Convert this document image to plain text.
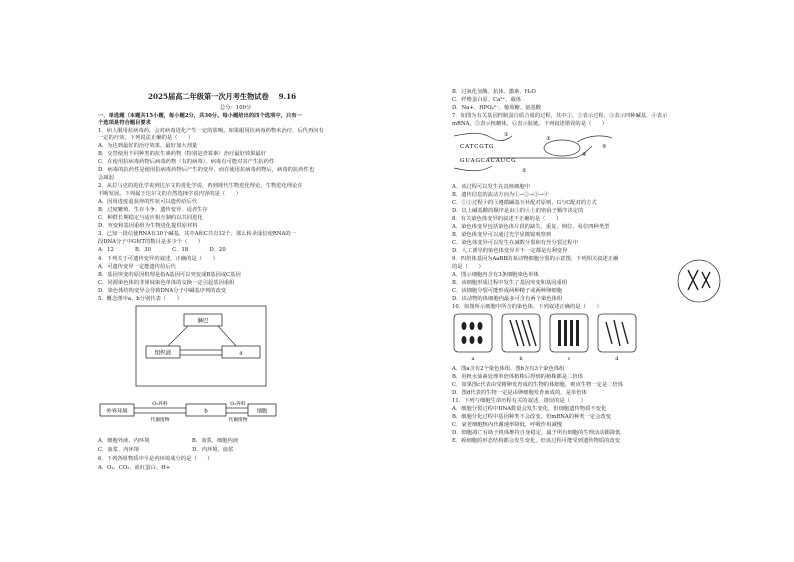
2025届高二年级第一次月考生物试卷 9.16
总分：100分
一、单选题（本题共15小题，每小题2分，共30分。每小题给出的四个选项中，只有一
个选项是符合题目要求
1．病人服用抗病毒药，会对病毒进化产生一定的影响。如果服用抗病毒药物未治疗，后代再向有
一定的疗效，下列说法正确的是（　　）
A．为达到最好的治疗效果，最好加大剂量
B．交替使用不同种类的抗生素药物（特别是青霉素）治疗最好效果最好
C．在使用抗病毒药物后病毒药物（有的病毒），病毒有可能对其产生抗药性
D．病毒的抗药性是使用抗病毒药物后产生的变异，而在使用抗病毒药物后，病毒的抗药性也
会减弱
2．从拉马克的进化学说到达尔文的进化学说，再到现代生物进化理论，生物进化理论在
不断发展。下列属于达尔文的自然选择学说内容的是（　　）
A．因用进废退获得的性状可以遗传给后代
B．过度繁殖、生存斗争、遗传变异、适者生存
C．种群长期稳定与适应相互制约以共同进化
D．突变和基因重组为生物进化提供原材料
3．已知一段信使RNA有30个碱基，其中A和C共有12个，那么转录成信使RNA的一
段DNA分子中G和T的数目是多少个（　　）
A．12　　　　B．30　　　　C．18　　　　D．20
4．下列关于可遗传变异的叙述，正确的是（　　）
A．可遗传变异一定能遗传给后代
B．基因突变的原因机理是指A基因可以突变成B基因或C基因
C．同源染色体的非姐妹染色单体的交换一定引起基因重组
D．染色体结构变异会导致DNA分子中碱基序列的改变
5．概念图中a、b分别代表（　　）
淋巴
组织液	a
b
外界环境	细胞
O₂养料
代谢废物
O₂养料
代谢废物
A．细胞外液、内环境　　　　　　　　B．血浆、细胞内液
C．血浆、内环境　　　　　　　　　　D．内环境、血浆
6．下列各组物质中全是内环境成分的是（　　）
A．O₂、CO₂、血红蛋白、H+
B．过氧化氢酶、抗体、激素、H₂O
C．纤维蛋白原、Ca²⁺、载体
D．Na+、HPO₄²⁻、葡萄糖、氨基酸
7．如图为有关基因控制蛋白质合成的过程，其中①、②表示过程，③表示四种碱基，④表示
mRNA，⑤表示核糖体，⑥表示肽链。下列叙述错误的是（　　）
CATCGTG
GUAGCACAUCG
①
②
③
④
⑤
A．该过程可以发生在真核细胞中
B．遗传信息的流动方向为①→②→③→④
C．①②过程④的③遵循碱基互补配对原则，G与C配对的方式
D．以上碱基酸的顺序是由①的④上的密码子顺序决定的
8．有关染色体变异的叙述不正确的是（　　）
A．染色体变异包括染色体片段的缺失、重复、倒位、易位四种类型
B．染色体变异可以通过光学显微镜观察到
C．染色体变异可以发生在减数分裂和有丝分裂过程中
D．人工诱导的染色体变异并不一定都是有利变异
9．四倍体基因为AaBB的某动物细胞分裂的示意图，下列相关叙述正确
的是（　　）
A．图示细胞内含有3条细胞染色单体
B．该细胞形成过程中发生了基因突变和基因重组
C．该细胞分裂可能形成两种精子或两种卵细胞
D．该动物的体细胞内最多可含有两个染色体组
10．如图所示细胞中所含的染色体，下列叙述正确的是（　　）
a	b	c	d
A．图a含有2个染色体组，图b含有3个染色体组
B．用秋水仙素处理单倍体植株后得到的植株都是二倍体
C．如果图c代表由受精卵发育成的生物的体细胞，则该生物一定是二倍体
D．图d代表的生物一定是由卵细胞发育而成的，是单倍体
11．下列与细胞生命历程有关的叙述，错误的是（　　）
A．细胞分裂过程中DNA数量会发生变化，但细胞遗传物质不变化
B．细胞分化过程中基因种类不会改变，但mRNA的种类一定会改变
C．衰老细胞核内代谢速率降低，呼吸作用减慢
D．细胞凋亡有助于机体维持自身稳定，属于所有细胞的生理活动都降低
E．癌细胞的形态结构都会发生变化，但该过程可能受到遗传物质的改变
